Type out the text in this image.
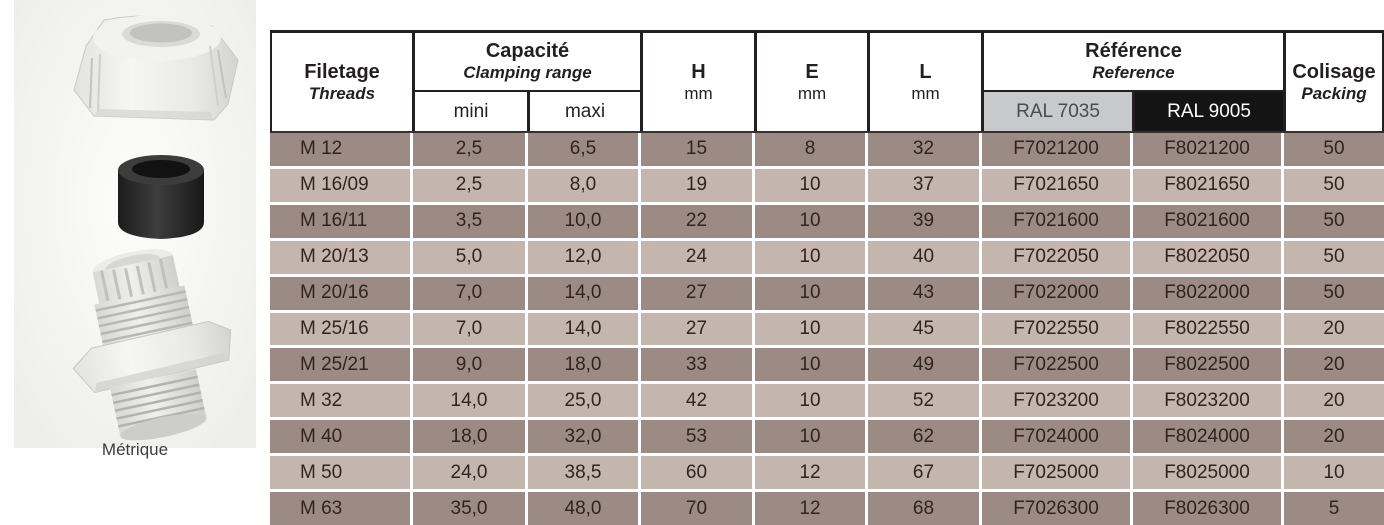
Métrique
Filetage
Threads
Capacité
Clamping range
mini	maxi
H
mm
E
mm
L
mm
Référence
Reference
RAL 7035	RAL 9005
Colisage
Packing
M 12	2,5	6,5	15	8	32	F7021200	F8021200	50
M 16/09	2,5	8,0	19	10	37	F7021650	F8021650	50
M 16/11	3,5	10,0	22	10	39	F7021600	F8021600	50
M 20/13	5,0	12,0	24	10	40	F7022050	F8022050	50
M 20/16	7,0	14,0	27	10	43	F7022000	F8022000	50
M 25/16	7,0	14,0	27	10	45	F7022550	F8022550	20
M 25/21	9,0	18,0	33	10	49	F7022500	F8022500	20
M 32	14,0	25,0	42	10	52	F7023200	F8023200	20
M 40	18,0	32,0	53	10	62	F7024000	F8024000	20
M 50	24,0	38,5	60	12	67	F7025000	F8025000	10
M 63	35,0	48,0	70	12	68	F7026300	F8026300	5
